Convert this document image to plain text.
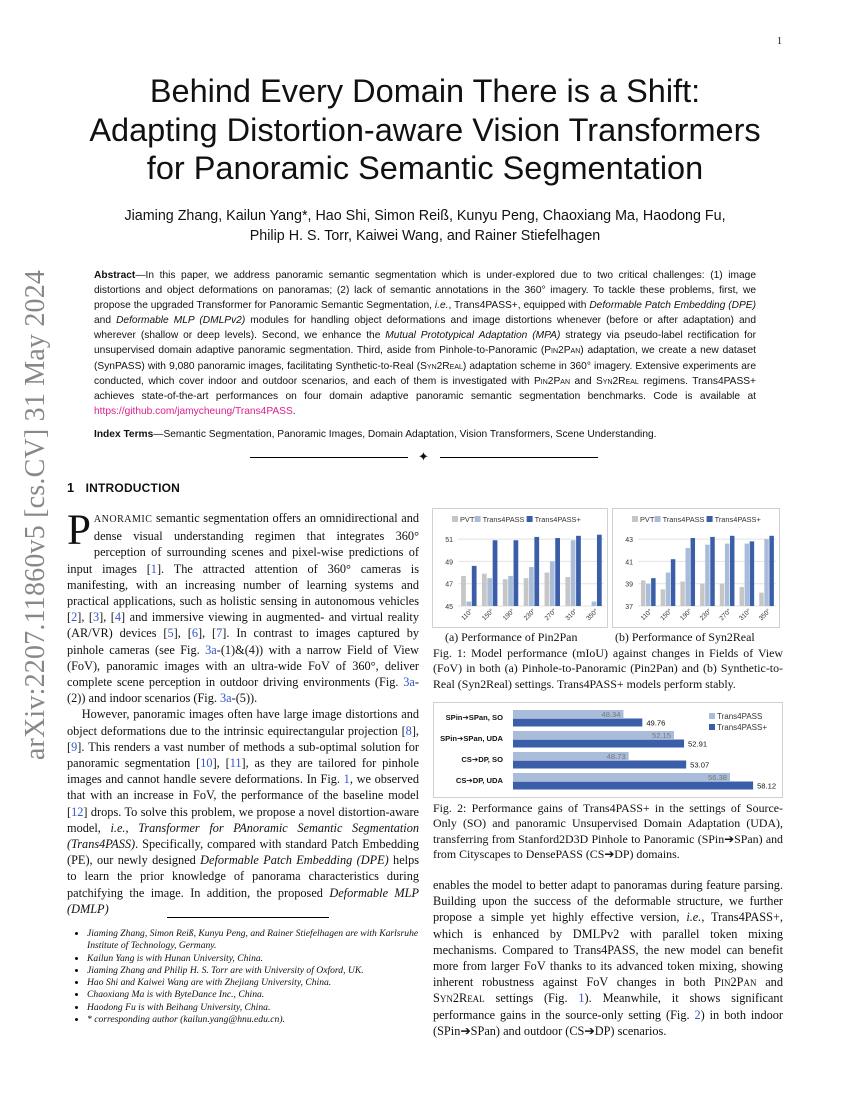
1
arXiv:2207.11860v5 [cs.CV] 31 May 2024
Behind Every Domain There is a Shift:
Adapting Distortion-aware Vision Transformers
for Panoramic Semantic Segmentation
Jiaming Zhang, Kailun Yang*, Hao Shi, Simon Reiß, Kunyu Peng, Chaoxiang Ma, Haodong Fu,
Philip H. S. Torr, Kaiwei Wang, and Rainer Stiefelhagen
Abstract—In this paper, we address panoramic semantic segmentation which is under-explored due to two critical challenges: (1) image distortions and object deformations on panoramas; (2) lack of semantic annotations in the 360° imagery. To tackle these problems, first, we propose the upgraded Transformer for Panoramic Semantic Segmentation, i.e., Trans4PASS+, equipped with Deformable Patch Embedding (DPE) and Deformable MLP (DMLPv2) modules for handling object deformations and image distortions whenever (before or after adaptation) and wherever (shallow or deep levels). Second, we enhance the Mutual Prototypical Adaptation (MPA) strategy via pseudo-label rectification for unsupervised domain adaptive panoramic segmentation. Third, aside from Pinhole-to-Panoramic (Pin2Pan) adaptation, we create a new dataset (SynPASS) with 9,080 panoramic images, facilitating Synthetic-to-Real (Syn2Real) adaptation scheme in 360° imagery. Extensive experiments are conducted, which cover indoor and outdoor scenarios, and each of them is investigated with Pin2Pan and Syn2Real regimens. Trans4PASS+ achieves state-of-the-art performances on four domain adaptive panoramic semantic segmentation benchmarks. Code is available at https://github.com/jamycheung/Trans4PASS.
Index Terms—Semantic Segmentation, Panoramic Images, Domain Adaptation, Vision Transformers, Scene Understanding.
✦
1 INTRODUCTION

PANORAMIC semantic segmentation offers an omnidirectional and dense visual understanding regimen that integrates 360° perception of surrounding scenes and pixel-wise predictions of input images [1]. The attracted attention of 360° cameras is manifesting, with an increasing number of learning systems and practical applications, such as holistic sensing in autonomous vehicles [2], [3], [4] and immersive viewing in augmented- and virtual reality (AR/VR) devices [5], [6], [7]. In contrast to images captured by pinhole cameras (see Fig. 3a-(1)&(4)) with a narrow Field of View (FoV), panoramic images with an ultra-wide FoV of 360°, deliver complete scene perception in outdoor driving environments (Fig. 3a-(2)) and indoor scenarios (Fig. 3a-(5)).

However, panoramic images often have large image distortions and object deformations due to the intrinsic equirectangular projection [8], [9]. This renders a vast number of methods a sub-optimal solution for panoramic segmentation [10], [11], as they are tailored for pinhole images and cannot handle severe deformations. In Fig. 1, we observed that with an increase in FoV, the performance of the baseline model [12] drops. To solve this problem, we propose a novel distortion-aware model, i.e., Transformer for PAnoramic Semantic Segmentation (Trans4PASS). Specifically, compared with standard Patch Embedding (PE), our newly designed Deformable Patch Embedding (DPE) helps to learn the prior knowledge of panorama characteristics during patchifying the image. In addition, the proposed Deformable MLP (DMLP)

• Jiaming Zhang, Simon Reiß, Kunyu Peng, and Rainer Stiefelhagen are with Karlsruhe Institute of Technology, Germany.
• Kailun Yang is with Hunan University, China.
• Jiaming Zhang and Philip H. S. Torr are with University of Oxford, UK.
• Hao Shi and Kaiwei Wang are with Zhejiang University, China.
• Chaoxiang Ma is with ByteDance Inc., China.
• Haodong Fu is with Beihang University, China.
• * corresponding author (kailun.yang@hnu.edu.cn).
45
47
49
51
110° 150° 190° 230° 270° 310° 350°
PVT Trans4PASS Trans4PASS+
37
39
41
43
110° 150° 190° 230° 270° 310° 350°
PVT Trans4PASS Trans4PASS+
(a) Performance of Pin2Pan	(b) Performance of Syn2Real
Fig. 1: Model performance (mIoU) against changes in Fields of View (FoV) in both (a) Pinhole-to-Panoramic (Pin2Pan) and (b) Synthetic-to-Real (Syn2Real) settings. Trans4PASS+ models perform stably.
SPin➔SPan, SO	48.34
49.76
SPin➔SPan, UDA	52.15
52.91
CS➔DP, SO	48.73
53.07
CS➔DP, UDA	56.38
58.12
Trans4PASS
Trans4PASS+
Fig. 2: Performance gains of Trans4PASS+ in the settings of Source-Only (SO) and panoramic Unsupervised Domain Adaptation (UDA), transferring from Stanford2D3D Pinhole to Panoramic (SPin➔SPan) and from Cityscapes to DensePASS (CS➔DP) domains.

enables the model to better adapt to panoramas during feature parsing. Building upon the success of the deformable structure, we further propose a simple yet highly effective version, i.e., Trans4PASS+, which is enhanced by DMLPv2 with parallel token mixing mechanisms. Compared to Trans4PASS, the new model can benefit more from larger FoV thanks to its advanced token mixing, showing inherent robustness against FoV changes in both Pin2Pan and Syn2Real settings (Fig. 1). Meanwhile, it shows significant performance gains in the source-only setting (Fig. 2) in both indoor (SPin➔SPan) and outdoor (CS➔DP) scenarios.
